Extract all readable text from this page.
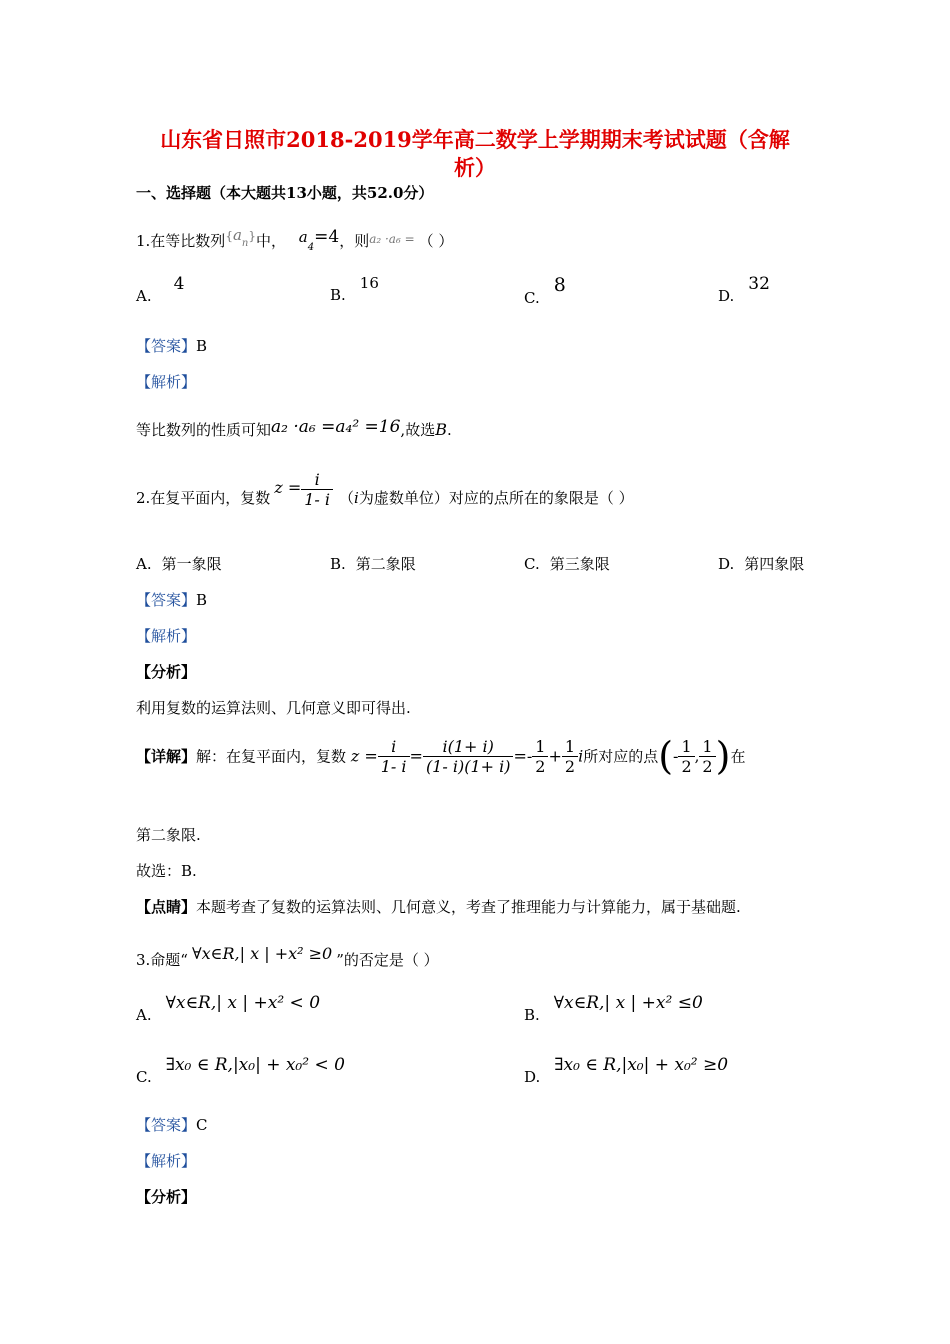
山东省日照市2018-2019学年高二数学上学期期末考试试题（含解
析）
一、选择题（本大题共13小题，共52.0分）
1.在等比数列{an}中， $a_4=4$，则$^{a_2 \cdot a_6 =}$ （ ）
A.4
B.16
C.8	D.32
【答案】B
【解析】
等比数列的性质可知a₂ ·a₆ =a₄² =16,故选B.
2.在复平面内，复数$z = \frac{i}{1- i} (i$为虚数单位）对应的点所在的象限是（ ）
A. 第一象限	B. 第二象限	C. 第三象限	D. 第四象限
【答案】B
【解析】
【分析】
利用复数的运算法则、几何意义即可得出.
【详解】解：在复平面内，复数 $z = \frac{i}{1- i} = \frac{i(1+ i)}{(1- i)(1+ i)} =- \frac{1}{2} + \frac{1}{2}$ i所对应的点(- $\frac{1}{2}$ , $\frac{1}{2}$ )在
第二象限.
故选：B.
【点睛】本题考查了复数的运算法则、几何意义，考查了推理能力与计算能力，属于基础题.
3.命题“ ∀x∈R,| x | +x² ≥0 ”的否定是（ ）
A.∀x∈R,| x | +x² < 0
B.∀x∈R,| x | +x² ≤0
C.∃x₀ ∈ R,|x₀| + x₀² < 0
D.∃x₀ ∈ R,|x₀| + x₀² ≥0
【答案】C
【解析】
【分析】
